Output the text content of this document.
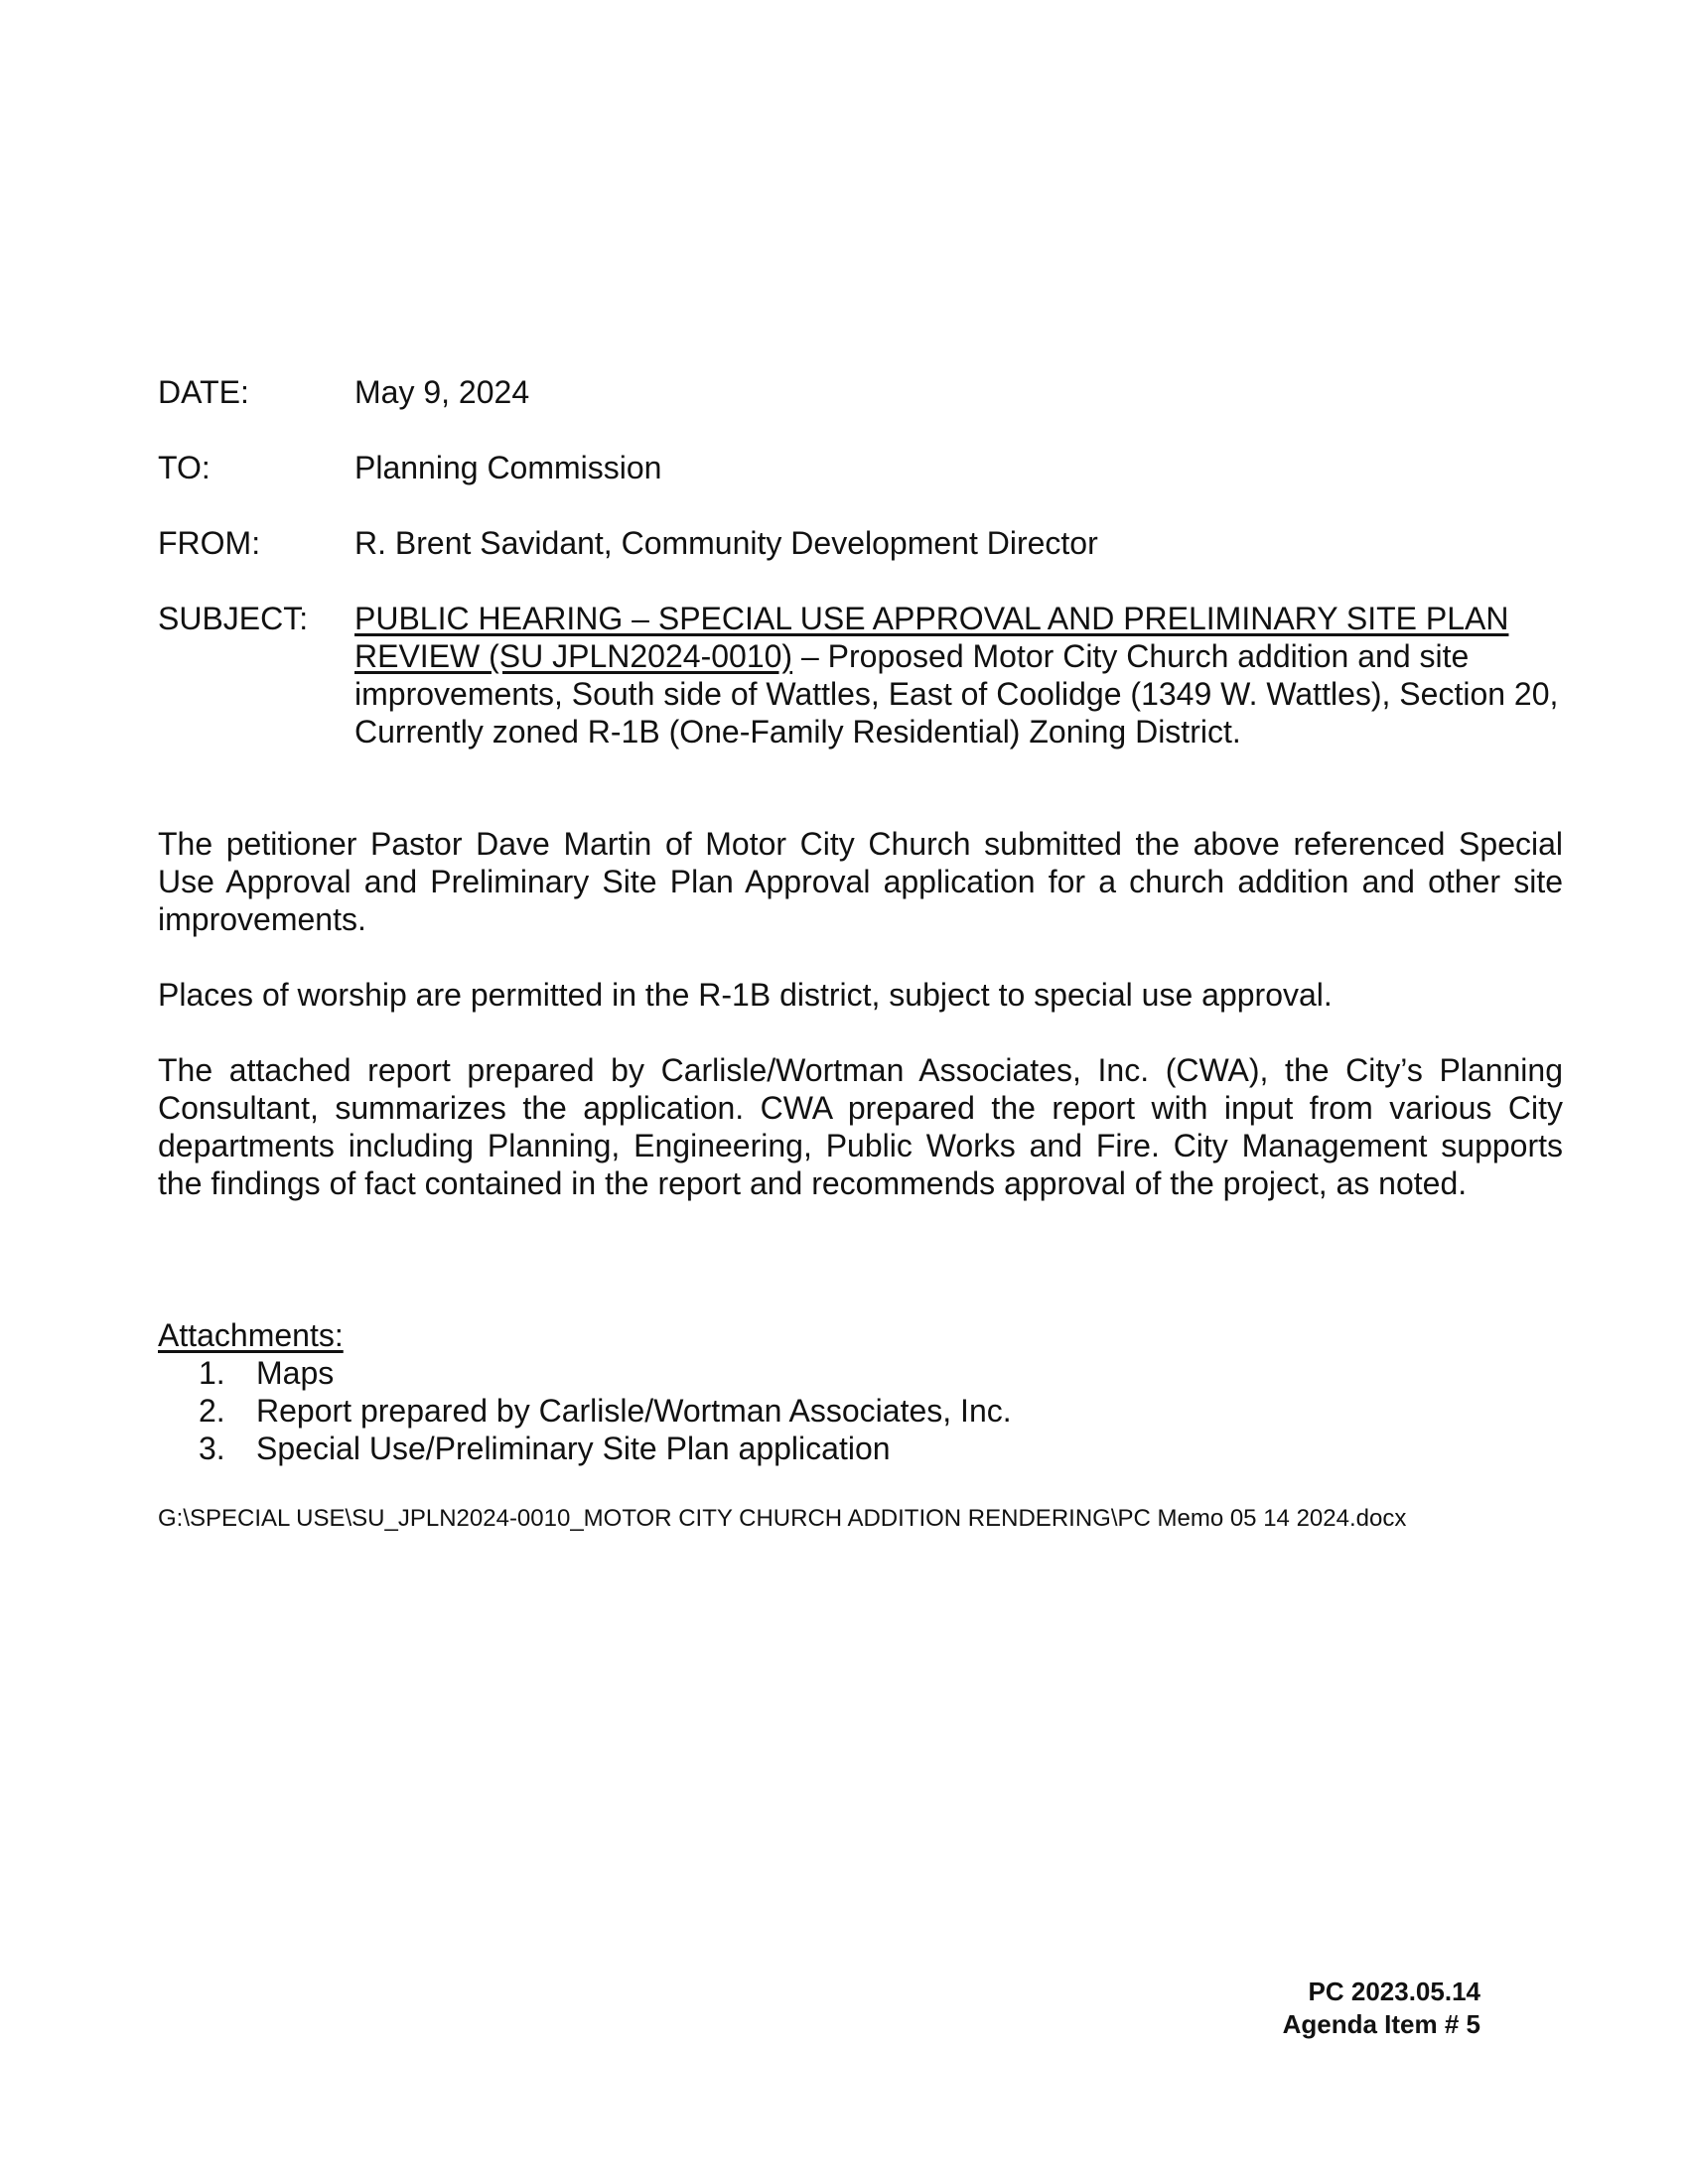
DATE:	May 9, 2024
TO:	Planning Commission
FROM:	R. Brent Savidant, Community Development Director
SUBJECT: PUBLIC HEARING – SPECIAL USE APPROVAL AND PRELIMINARY SITE PLAN REVIEW (SU JPLN2024-0010) – Proposed Motor City Church addition and site improvements, South side of Wattles, East of Coolidge (1349 W. Wattles), Section 20, Currently zoned R-1B (One-Family Residential) Zoning District.
The petitioner Pastor Dave Martin of Motor City Church submitted the above referenced Special Use Approval and Preliminary Site Plan Approval application for a church addition and other site improvements.
Places of worship are permitted in the R-1B district, subject to special use approval.
The attached report prepared by Carlisle/Wortman Associates, Inc. (CWA), the City’s Planning Consultant, summarizes the application. CWA prepared the report with input from various City departments including Planning, Engineering, Public Works and Fire. City Management supports the findings of fact contained in the report and recommends approval of the project, as noted.
Attachments:
1. Maps
2. Report prepared by Carlisle/Wortman Associates, Inc.
3. Special Use/Preliminary Site Plan application
G:\SPECIAL USE\SU_JPLN2024-0010_MOTOR CITY CHURCH ADDITION RENDERING\PC Memo 05 14 2024.docx
PC 2023.05.14
Agenda Item # 5
